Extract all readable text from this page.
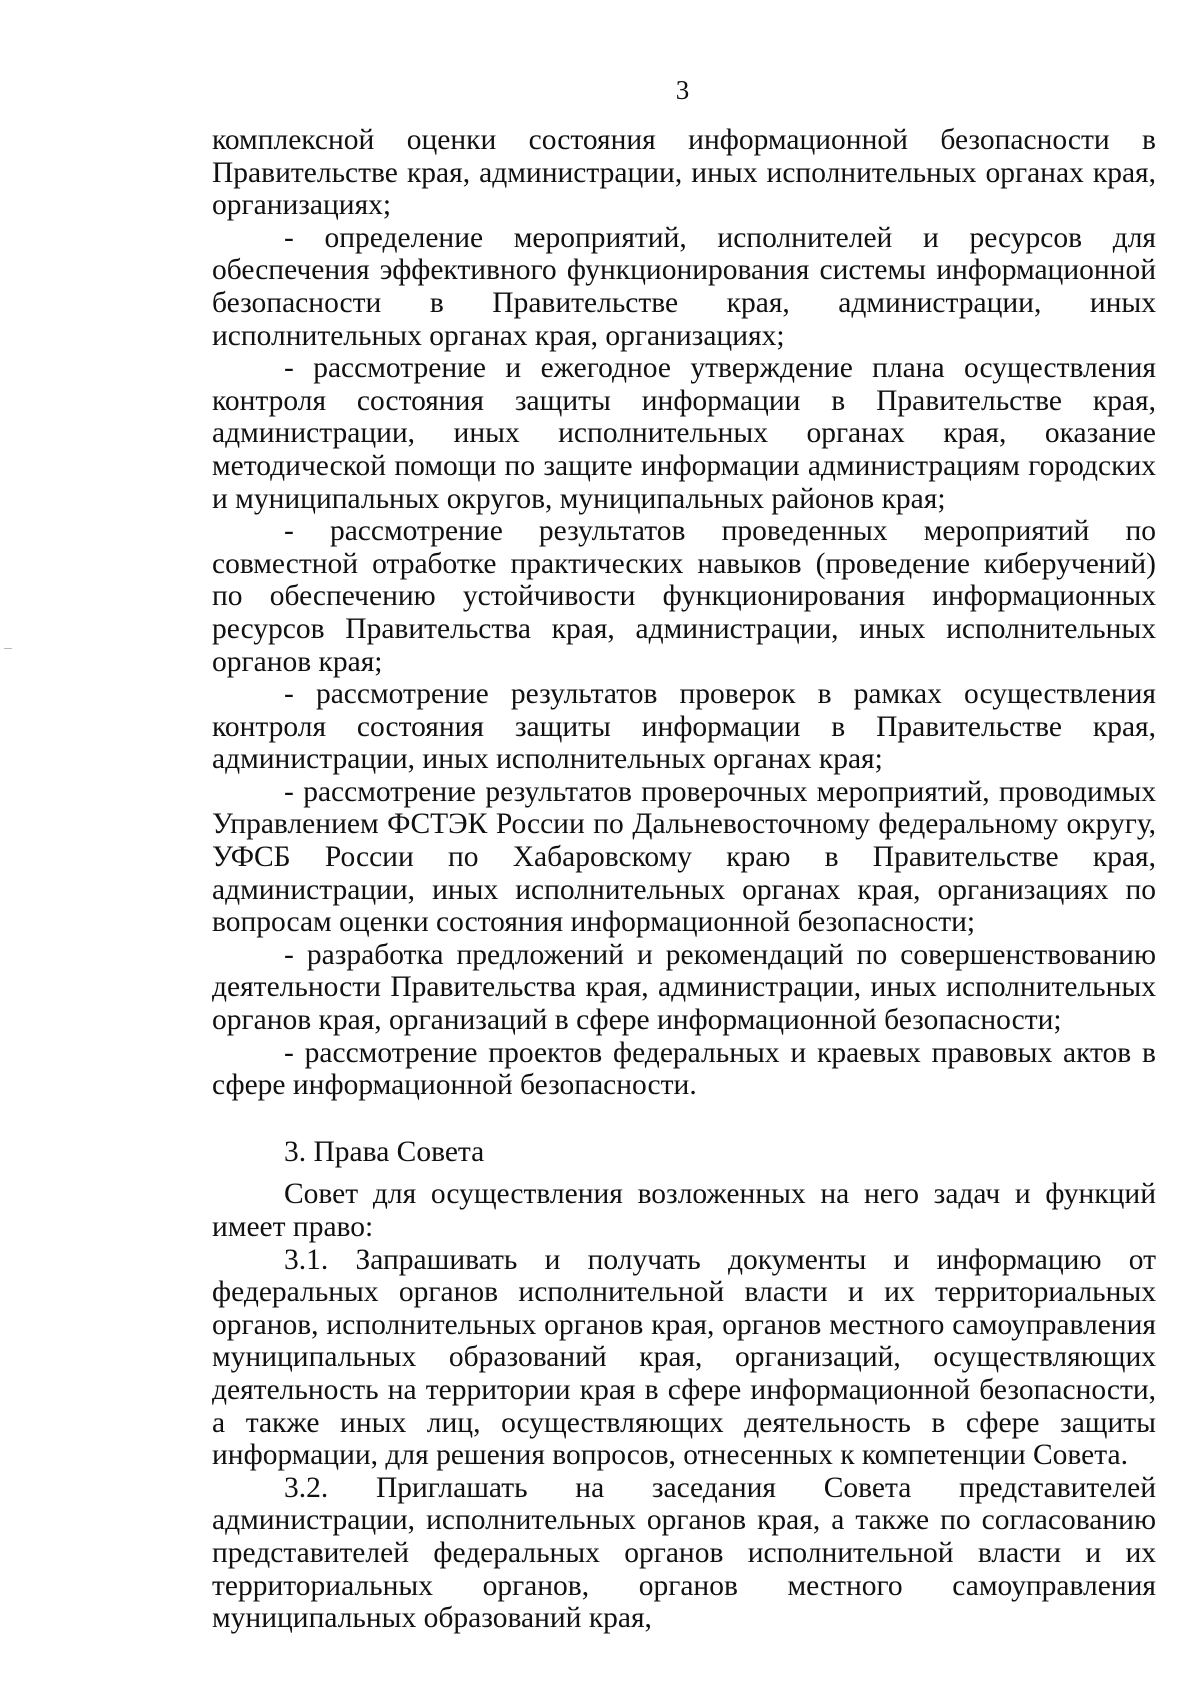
3

комплексной оценки состояния информационной безопасности в Правительстве края, администрации, иных исполнительных органах края, организациях;

- определение мероприятий, исполнителей и ресурсов для обеспечения эффективного функционирования системы информационной безопасности в Правительстве края, администрации, иных исполнительных органах края, организациях;

- рассмотрение и ежегодное утверждение плана осуществления контроля состояния защиты информации в Правительстве края, администрации, иных исполнительных органах края, оказание методической помощи по защите информации администрациям городских и муниципальных округов, муниципальных районов края;

- рассмотрение результатов проведенных мероприятий по совместной отработке практических навыков (проведение киберучений) по обеспечению устойчивости функционирования информационных ресурсов Правительства края, администрации, иных исполнительных органов края;

- рассмотрение результатов проверок в рамках осуществления контроля состояния защиты информации в Правительстве края, администрации, иных исполнительных органах края;

- рассмотрение результатов проверочных мероприятий, проводимых Управлением ФСТЭК России по Дальневосточному федеральному округу, УФСБ России по Хабаровскому краю в Правительстве края, администрации, иных исполнительных органах края, организациях по вопросам оценки состояния информационной безопасности;

- разработка предложений и рекомендаций по совершенствованию деятельности Правительства края, администрации, иных исполнительных органов края, организаций в сфере информационной безопасности;

- рассмотрение проектов федеральных и краевых правовых актов в сфере информационной безопасности.

3. Права Совета

Совет для осуществления возложенных на него задач и функций имеет право:

3.1. Запрашивать и получать документы и информацию от федеральных органов исполнительной власти и их территориальных органов, исполнительных органов края, органов местного самоуправления муниципальных образований края, организаций, осуществляющих деятельность на территории края в сфере информационной безопасности, а также иных лиц, осуществляющих деятельность в сфере защиты информации, для решения вопросов, отнесенных к компетенции Совета.

3.2. Приглашать на заседания Совета представителей администрации, исполнительных органов края, а также по согласованию представителей федеральных органов исполнительной власти и их территориальных органов, органов местного самоуправления муниципальных образований края,
